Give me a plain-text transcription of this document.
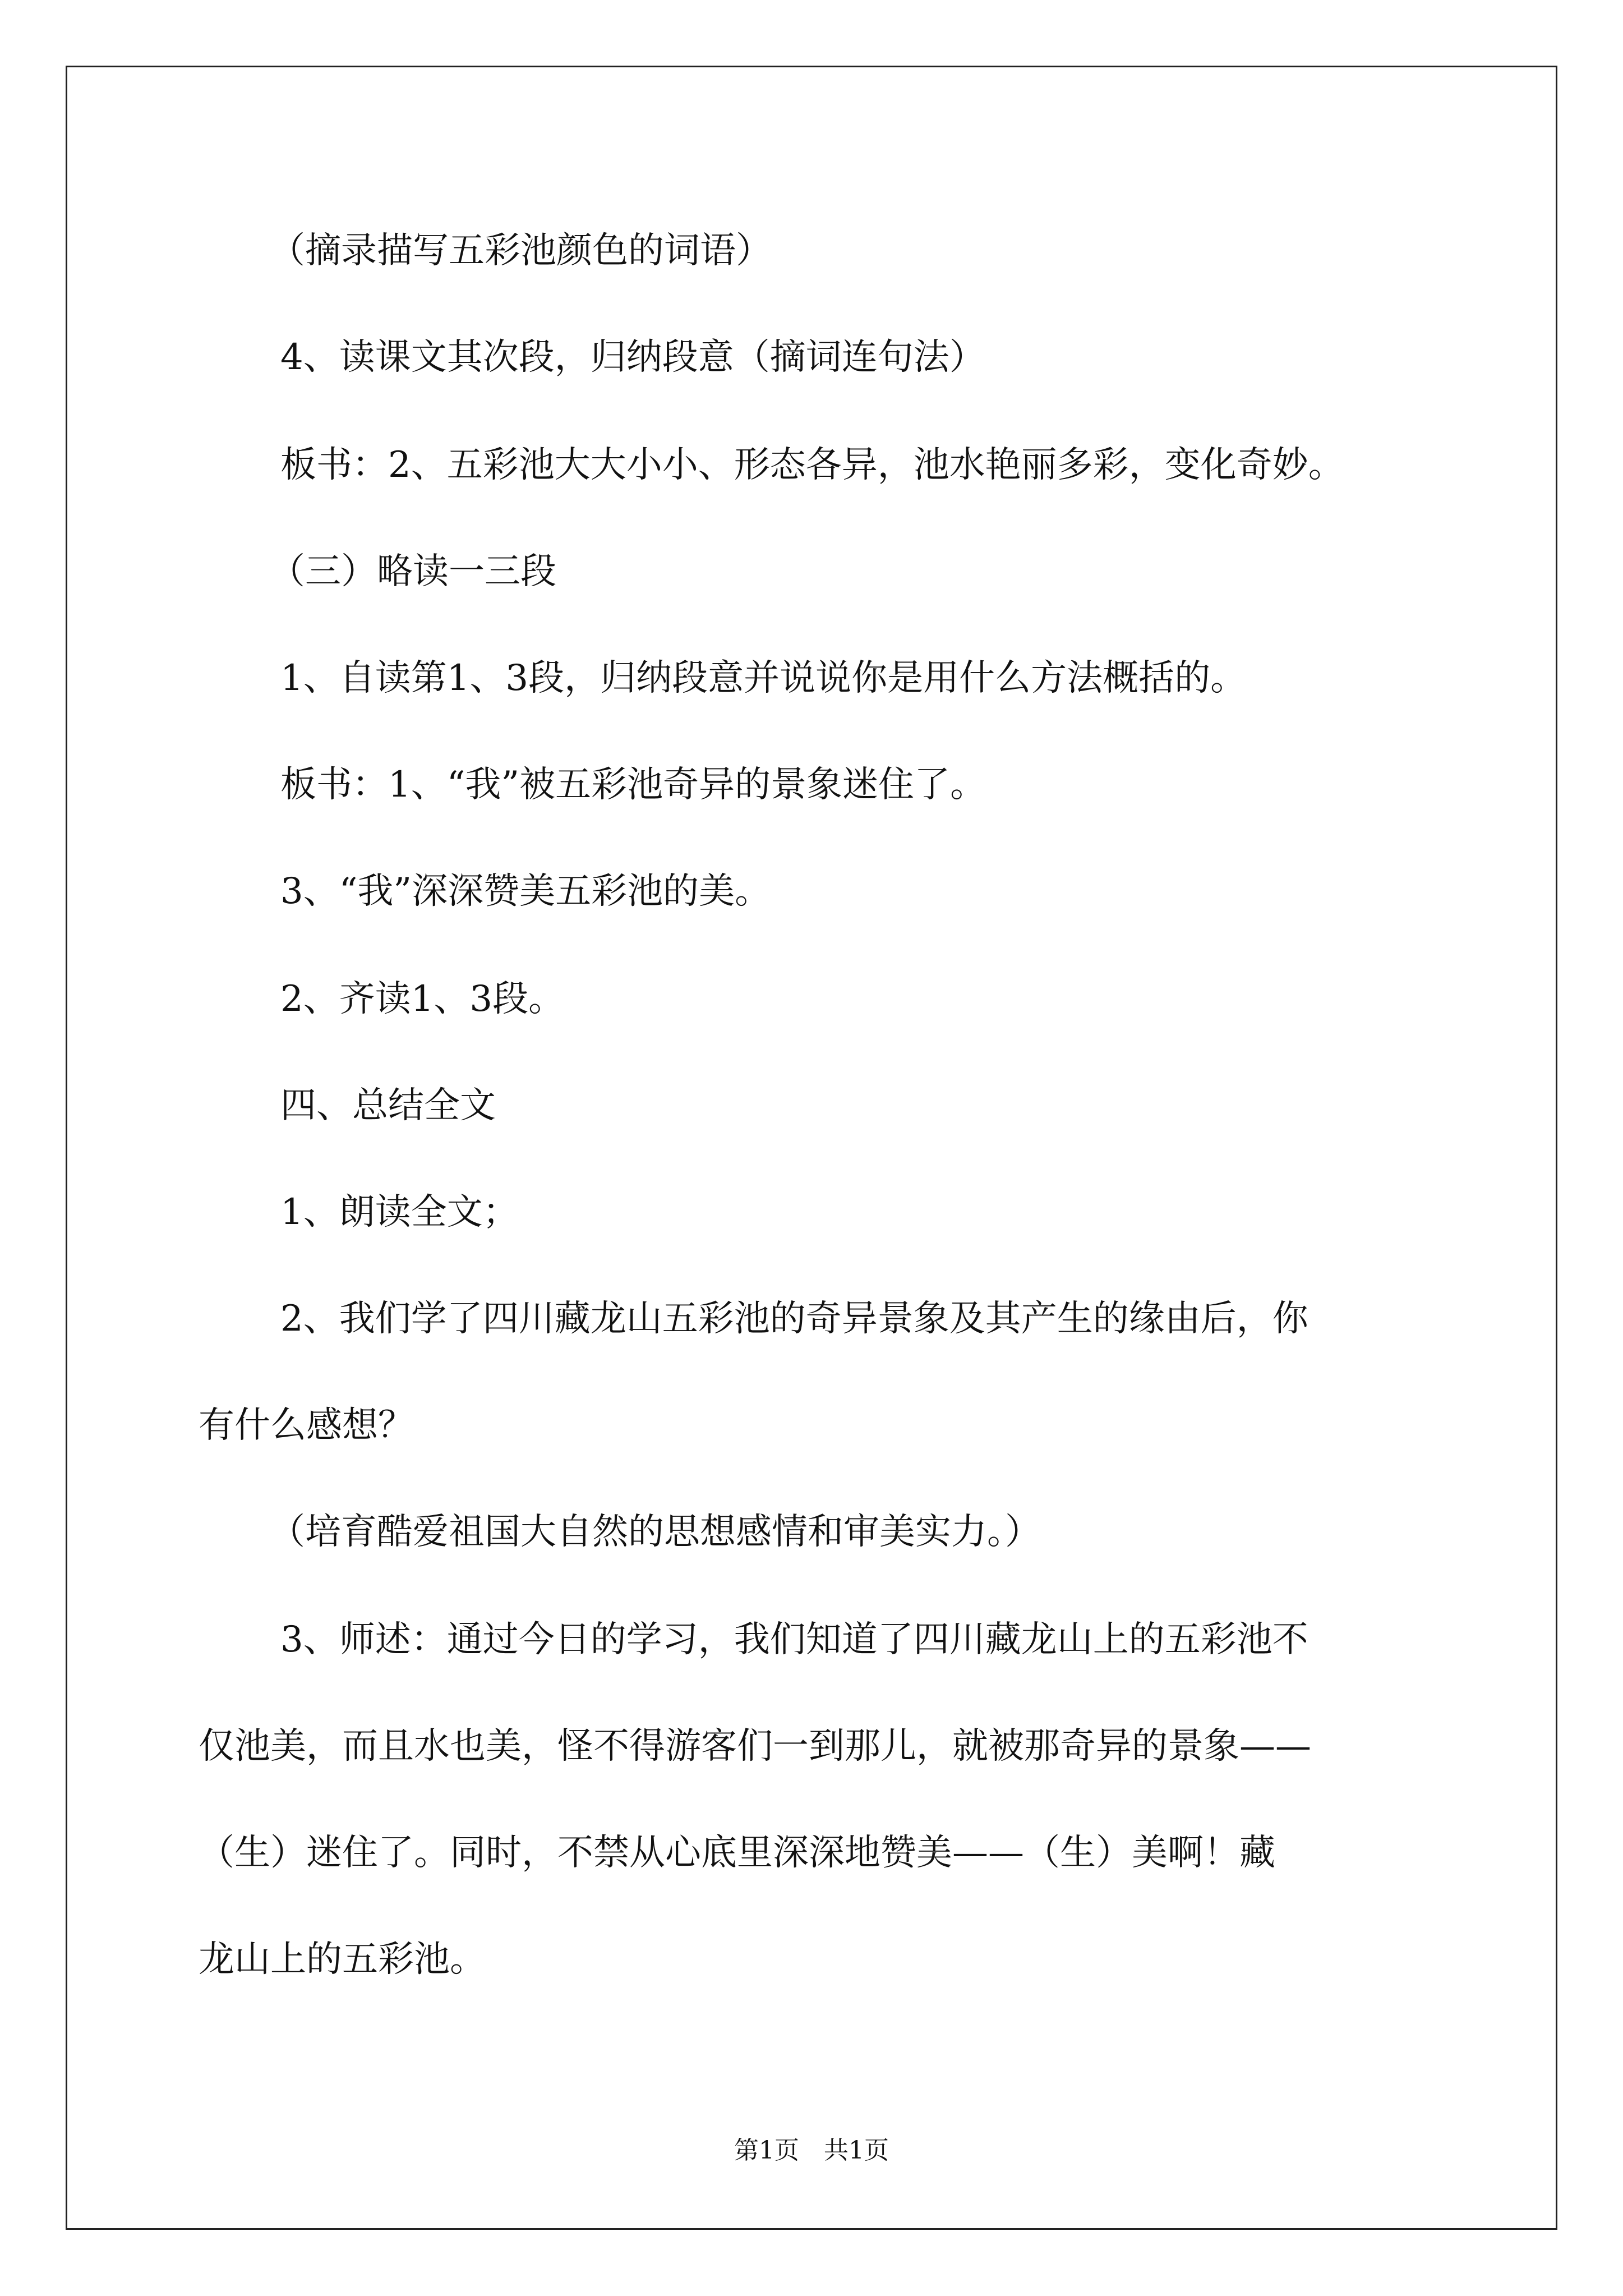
（摘录描写五彩池颜色的词语）

4、读课文其次段，归纳段意（摘词连句法）

板书：2、五彩池大大小小、形态各异，池水艳丽多彩，变化奇妙。

（三）略读一三段

1、自读第1、3段，归纳段意并说说你是用什么方法概括的。

板书：1、“我”被五彩池奇异的景象迷住了。

3、“我”深深赞美五彩池的美。

2、齐读1、3段。

四、总结全文

1、朗读全文；

2、我们学了四川藏龙山五彩池的奇异景象及其产生的缘由后，你

有什么感想？

（培育酷爱祖国大自然的思想感情和审美实力。）

3、师述：通过今日的学习，我们知道了四川藏龙山上的五彩池不

仅池美，而且水也美，怪不得游客们一到那儿，就被那奇异的景象——

（生）迷住了。同时，不禁从心底里深深地赞美——（生）美啊！藏

龙山上的五彩池。

第1页　共1页
